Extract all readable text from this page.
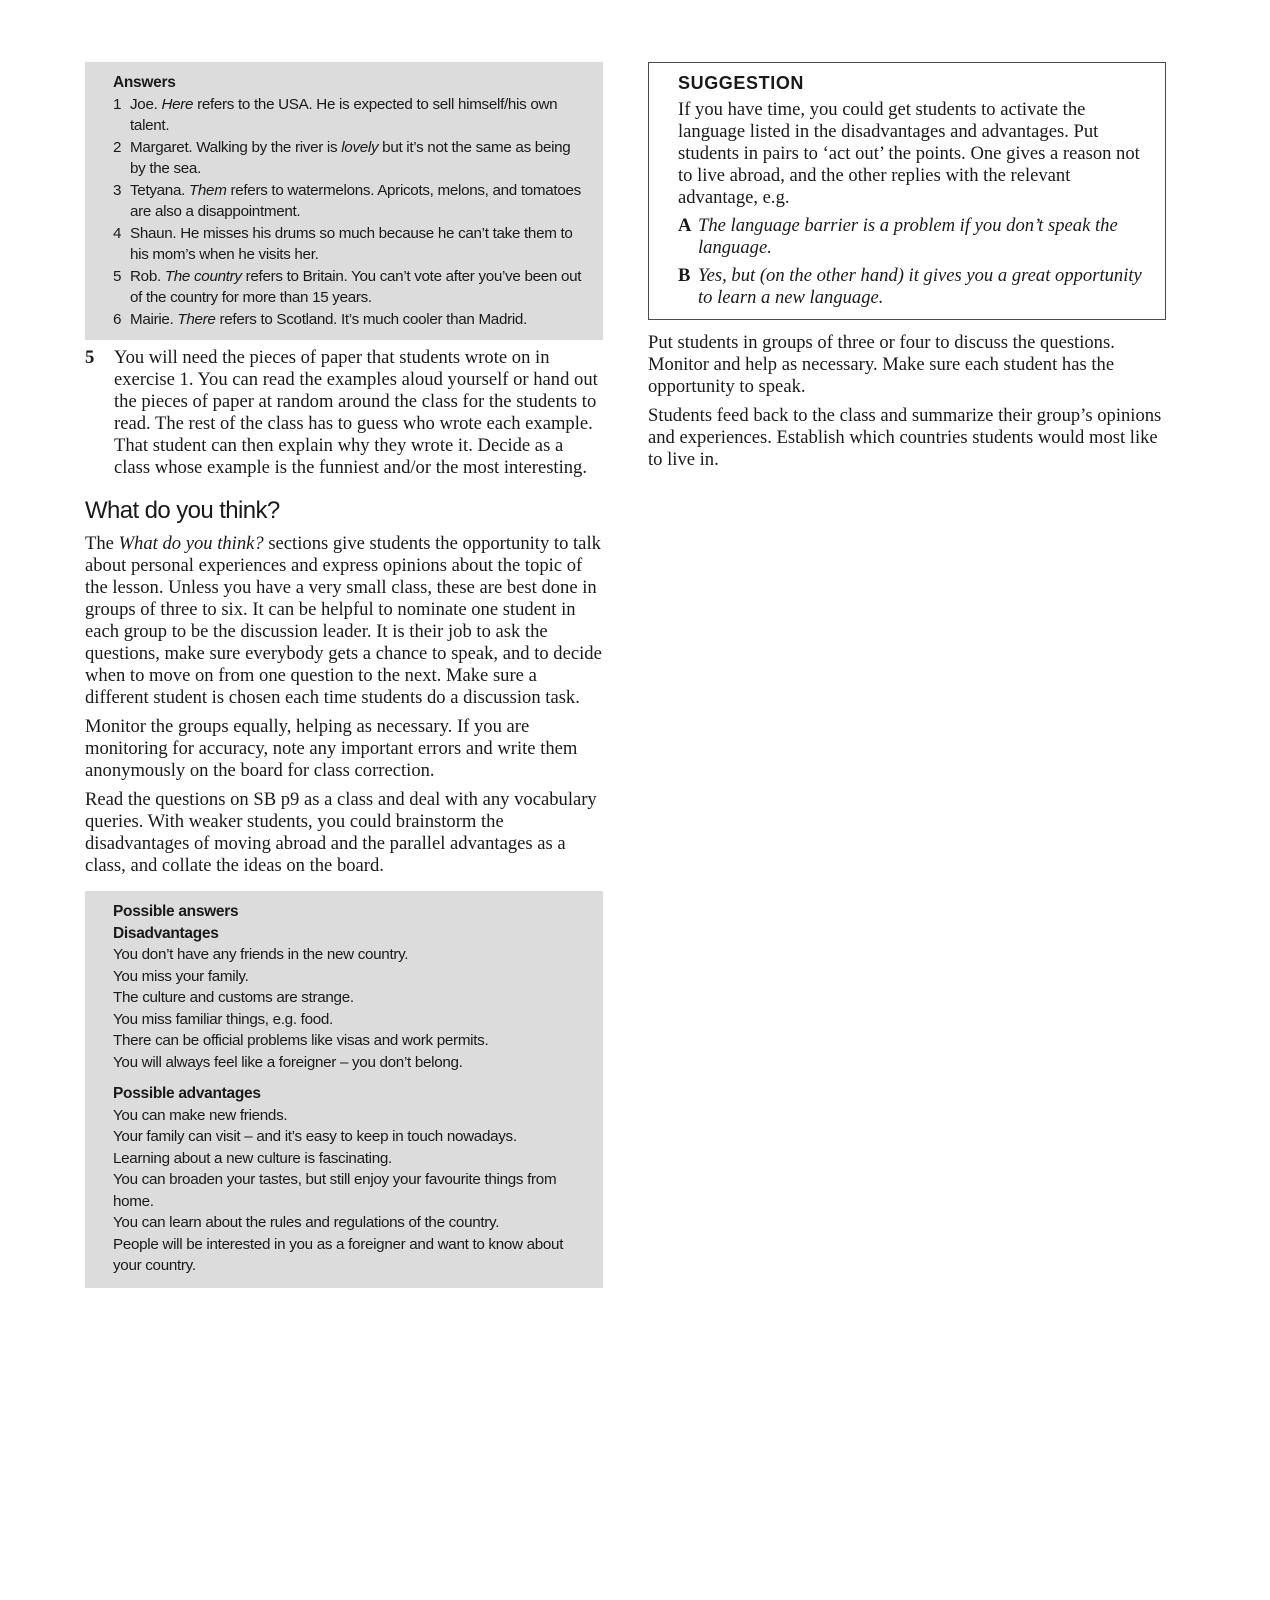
Answers
1 Joe. Here refers to the USA. He is expected to sell himself/his own talent.
2 Margaret. Walking by the river is lovely but it’s not the same as being by the sea.
3 Tetyana. Them refers to watermelons. Apricots, melons, and tomatoes are also a disappointment.
4 Shaun. He misses his drums so much because he can’t take them to his mom’s when he visits her.
5 Rob. The country refers to Britain. You can’t vote after you’ve been out of the country for more than 15 years.
6 Mairie. There refers to Scotland. It’s much cooler than Madrid.
5 You will need the pieces of paper that students wrote on in exercise 1. You can read the examples aloud yourself or hand out the pieces of paper at random around the class for the students to read. The rest of the class has to guess who wrote each example. That student can then explain why they wrote it. Decide as a class whose example is the funniest and/or the most interesting.
What do you think?

The What do you think? sections give students the opportunity to talk about personal experiences and express opinions about the topic of the lesson. Unless you have a very small class, these are best done in groups of three to six. It can be helpful to nominate one student in each group to be the discussion leader. It is their job to ask the questions, make sure everybody gets a chance to speak, and to decide when to move on from one question to the next. Make sure a different student is chosen each time students do a discussion task.

Monitor the groups equally, helping as necessary. If you are monitoring for accuracy, note any important errors and write them anonymously on the board for class correction.

Read the questions on SB p9 as a class and deal with any vocabulary queries. With weaker students, you could brainstorm the disadvantages of moving abroad and the parallel advantages as a class, and collate the ideas on the board.

Possible answers
Disadvantages
You don’t have any friends in the new country.
You miss your family.
The culture and customs are strange.
You miss familiar things, e.g. food.
There can be official problems like visas and work permits.
You will always feel like a foreigner – you don’t belong.
Possible advantages
You can make new friends.
Your family can visit – and it’s easy to keep in touch nowadays.
Learning about a new culture is fascinating.
You can broaden your tastes, but still enjoy your favourite things from home.
You can learn about the rules and regulations of the country.
People will be interested in you as a foreigner and want to know about your country.
SUGGESTION

If you have time, you could get students to activate the language listed in the disadvantages and advantages. Put students in pairs to ‘act out’ the points. One gives a reason not to live abroad, and the other replies with the relevant advantage, e.g.

A The language barrier is a problem if you don’t speak the language.
B Yes, but (on the other hand) it gives you a great opportunity to learn a new language.

Put students in groups of three or four to discuss the questions. Monitor and help as necessary. Make sure each student has the opportunity to speak.

Students feed back to the class and summarize their group’s opinions and experiences. Establish which countries students would most like to live in.
